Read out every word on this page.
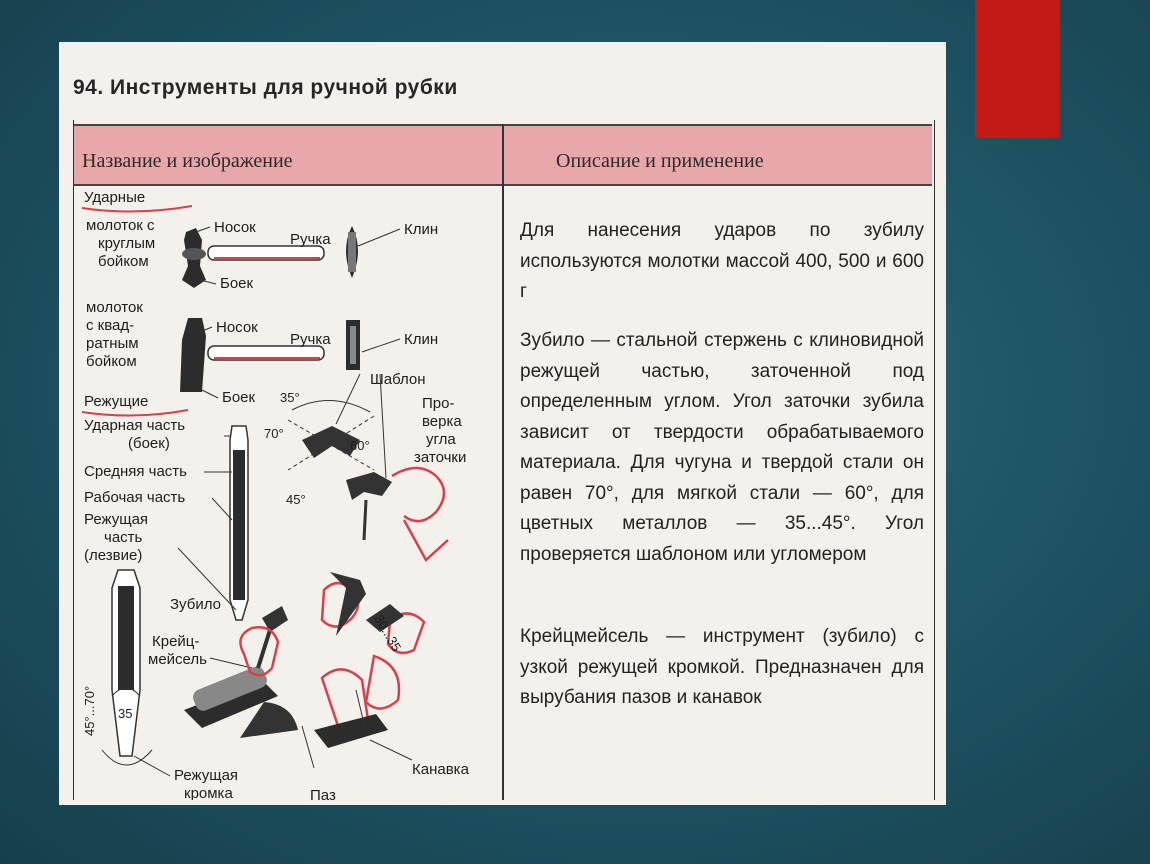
94. Инструменты для ручной рубки
Название и изображение	Описание и применение

Для нанесения ударов по зубилу используются молотки массой 400, 500 и 600 г

Зубило — стальной стержень с клиновидной режущей частью, заточенной под определенным углом. Угол заточки зубила зависит от твердости обрабатываемого материала. Для чугуна и твердой стали он равен 70°, для мягкой стали — 60°, для цветных металлов — 35...45°. Угол проверяется шаблоном или угломером

Крейцмейсель — инструмент (зубило) с узкой режущей кромкой. Предназначен для вырубания пазов и канавок

Ударные
молоток с
круглым
бойком
Носок
Ручка
Клин
Боек
молоток
с квад-
ратным
бойком
Носок
Ручка	Клин
Боек
Режущие
Шаблон
Про-
верка
угла
заточки
35°
70°
45°
60°
Ударная часть
(боек)
Средняя часть
Рабочая часть
Режущая
часть
(лезвие)
Зубило
45°...70° 35
Крейц-
мейсель
30...35
Канавка
Паз
Режущая
кромка
